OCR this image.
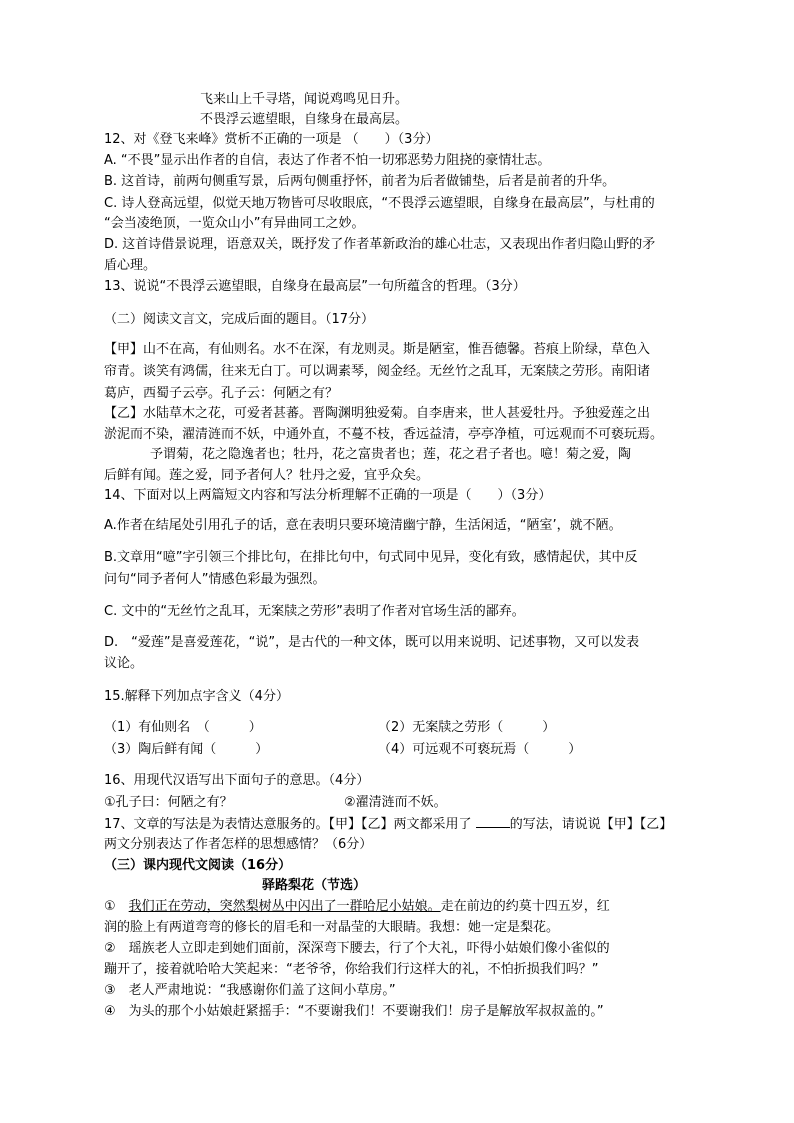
飞来山上千寻塔，闻说鸡鸣见日升。
不畏浮云遮望眼，自缘身在最高层。
12、对《登飞来峰》赏析不正确的一项是 （　　）（3分）
A. “不畏”显示出作者的自信，表达了作者不怕一切邪恶势力阻挠的豪情壮志。
B. 这首诗，前两句侧重写景，后两句侧重抒怀，前者为后者做铺垫，后者是前者的升华。
C. 诗人登高远望，似觉天地万物皆可尽收眼底，“不畏浮云遮望眼，自缘身在最高层”，与杜甫的
“会当凌绝顶，一览众山小”有异曲同工之妙。
D. 这首诗借景说理，语意双关，既抒发了作者革新政治的雄心壮志，又表现出作者归隐山野的矛
盾心理。
13、说说“不畏浮云遮望眼，自缘身在最高层”一句所蕴含的哲理。（3分）
（二）阅读文言文，完成后面的题目。（17分）
【甲】山不在高，有仙则名。水不在深，有龙则灵。斯是陋室，惟吾德馨。苔痕上阶绿，草色入
帘青。谈笑有鸿儒，往来无白丁。可以调素琴，阅金经。无丝竹之乱耳，无案牍之劳形。南阳诸
葛庐，西蜀子云亭。孔子云：何陋之有？
【乙】水陆草木之花，可爱者甚蕃。晋陶渊明独爱菊。自李唐来，世人甚爱牡丹。予独爱莲之出
淤泥而不染，濯清涟而不妖，中通外直，不蔓不枝，香远益清，亭亭净植，可远观而不可亵玩焉。
予谓菊，花之隐逸者也；牡丹，花之富贵者也；莲，花之君子者也。噫！菊之爱，陶
后鲜有闻。莲之爱，同予者何人？牡丹之爱，宜乎众矣。
14、下面对以上两篇短文内容和写法分析理解不正确的一项是（　　）（3分）
A.作者在结尾处引用孔子的话，意在表明只要环境清幽宁静，生活闲适，“陋室’，就不陋。
B.文章用“噫”字引领三个排比句，在排比句中，句式同中见异，变化有致，感情起伏，其中反
问句“同予者何人”情感色彩最为强烈。
C. 文中的“无丝竹之乱耳，无案牍之劳形”表明了作者对官场生活的鄙弃。
D.　“爱莲”是喜爱莲花，“说”，是古代的一种文体，既可以用来说明、记述事物，又可以发表
议论。
15.解释下列加点字含义（4分）
（1）有仙则名　（　　　）	（2）无案牍之劳形（　　　）
（3）陶后鲜有闻（　　　）	（4）可远观不可亵玩焉（　　　）
16、用现代汉语写出下面句子的意思。（4分）
①孔子曰：何陋之有？	②濯清涟而不妖。
17、文章的写法是为表情达意服务的。【甲】【乙】两文都采用了	的写法，请说说【甲】【乙】
两文分别表达了作者怎样的思想感情？（6分）
（三）课内现代文阅读（16分）
驿路梨花（节选）
①　 我们正在劳动，突然梨树丛中闪出了一群哈尼小姑娘。走在前边的约莫十四五岁，红
润的脸上有两道弯弯的修长的眉毛和一对晶莹的大眼睛。我想：她一定是梨花。
②　瑶族老人立即走到她们面前，深深弯下腰去，行了个大礼，吓得小姑娘们像小雀似的
蹦开了，接着就哈哈大笑起来：“老爷爷，你给我们行这样大的礼，不怕折损我们吗？”
③　老人严肃地说：“我感谢你们盖了这间小草房。”
④　为头的那个小姑娘赶紧摇手：“不要谢我们！不要谢我们！房子是解放军叔叔盖的。”
